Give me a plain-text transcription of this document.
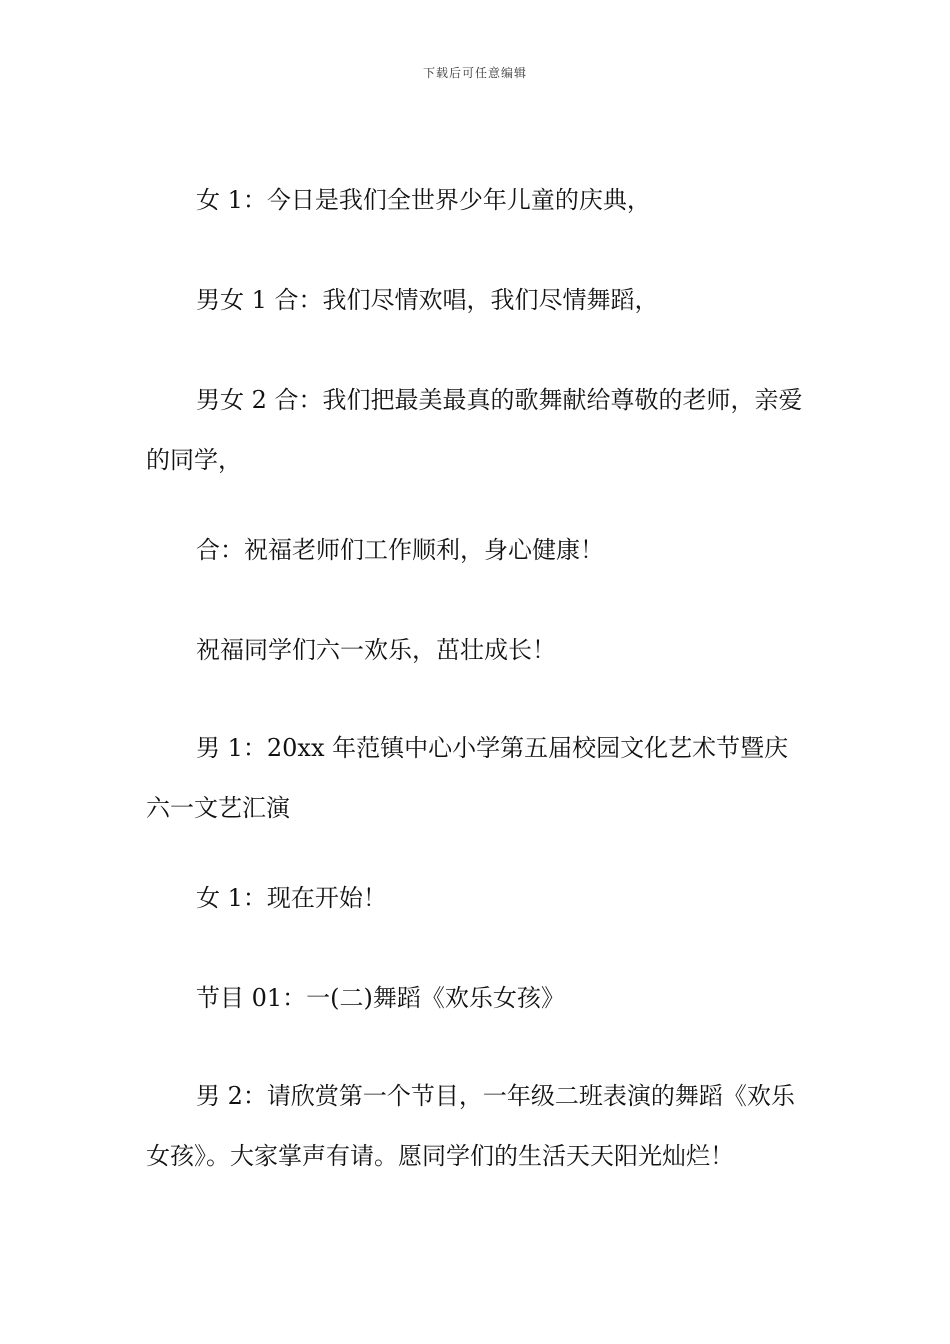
下载后可任意编辑

女 1：今日是我们全世界少年儿童的庆典，

男女 1 合：我们尽情欢唱，我们尽情舞蹈，

男女 2 合：我们把最美最真的歌舞献给尊敬的老师，亲爱的同学，

合：祝福老师们工作顺利，身心健康！

祝福同学们六一欢乐，茁壮成长！

男 1：20xx 年范镇中心小学第五届校园文化艺术节暨庆六一文艺汇演

女 1：现在开始！

节目 01：一(二)舞蹈《欢乐女孩》

男 2：请欣赏第一个节目，一年级二班表演的舞蹈《欢乐女孩》。大家掌声有请。愿同学们的生活天天阳光灿烂！
